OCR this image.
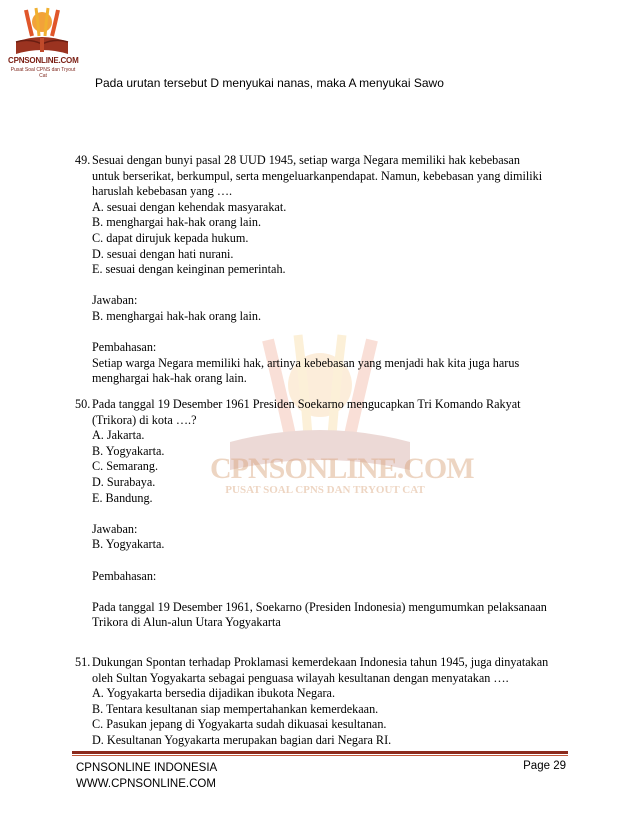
CPNSONLINE.COM
Pusat Soal CPNS dan Tryout Cat
CPNSONLINE.COM
PUSAT SOAL CPNS DAN TRYOUT CAT
Pada urutan tersebut D menyukai nanas, maka A menyukai Sawo
49. Sesuai dengan bunyi pasal 28 UUD 1945, setiap warga Negara memiliki hak kebebasan
untuk berserikat, berkumpul, serta mengeluarkanpendapat. Namun, kebebasan yang dimiliki
haruslah kebebasan yang ….
A. sesuai dengan kehendak masyarakat.
B. menghargai hak-hak orang lain.
C. dapat dirujuk kepada hukum.
D. sesuai dengan hati nurani.
E. sesuai dengan keinginan pemerintah.
Jawaban:
B. menghargai hak-hak orang lain.
Pembahasan:
Setiap warga Negara memiliki hak, artinya kebebasan yang menjadi hak kita juga harus
menghargai hak-hak orang lain.
50. Pada tanggal 19 Desember 1961 Presiden Soekarno mengucapkan Tri Komando Rakyat
(Trikora) di kota ….?
A. Jakarta.
B. Yogyakarta.
C. Semarang.
D. Surabaya.
E. Bandung.
Jawaban:
B. Yogyakarta.
Pembahasan:
Pada tanggal 19 Desember 1961, Soekarno (Presiden Indonesia) mengumumkan pelaksanaan
Trikora di Alun-alun Utara Yogyakarta
51. Dukungan Spontan terhadap Proklamasi kemerdekaan Indonesia tahun 1945, juga dinyatakan
oleh Sultan Yogyakarta sebagai penguasa wilayah kesultanan dengan menyatakan ….
A. Yogyakarta bersedia dijadikan ibukota Negara.
B. Tentara kesultanan siap mempertahankan kemerdekaan.
C. Pasukan jepang di Yogyakarta sudah dikuasai kesultanan.
D. Kesultanan Yogyakarta merupakan bagian dari Negara RI.
CPNSONLINE INDONESIA
WWW.CPNSONLINE.COM
Page 29
